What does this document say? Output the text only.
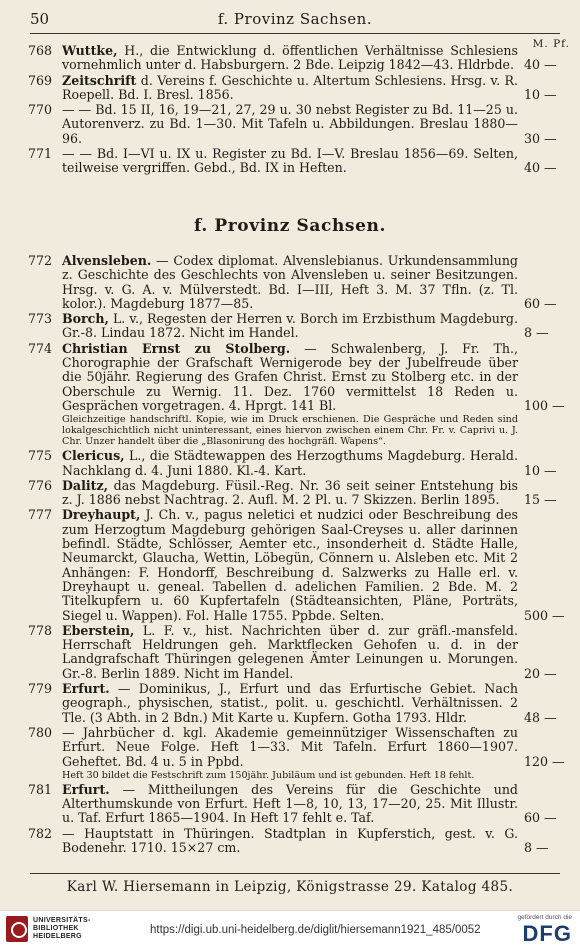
50	f. Provinz Sachsen.
M. Pf.
768 Wuttke, H., die Entwicklung d. öffentlichen Verhältnisse Schlesiens vornehmlich unter d. Habsburgern. 2 Bde. Leipzig 1842—43. Hldrbde. 40 —
769 Zeitschrift d. Vereins f. Geschichte u. Altertum Schlesiens. Hrsg. v. R. Roepell. Bd. I. Bresl. 1856.	10 —
770 — — Bd. 15 II, 16, 19—21, 27, 29 u. 30 nebst Register zu Bd. 11—25 u. Autorenverz. zu Bd. 1—30. Mit Tafeln u. Abbildungen. Breslau 1880—96.	30 —
771 — — Bd. I—VI u. IX u. Register zu Bd. I—V. Breslau 1856—69. Selten, teilweise vergriffen. Gebd., Bd. IX in Heften.	40 —
f. Provinz Sachsen.
772 Alvensleben. — Codex diplomat. Alvenslebianus. Urkundensammlung z. Geschichte des Geschlechts von Alvensleben u. seiner Besitzungen. Hrsg. v. G. A. v. Mülverstedt. Bd. I—III, Heft 3. M. 37 Tfln. (z. Tl. kolor.). Magdeburg 1877—85.	60 —
773 Borch, L. v., Regesten der Herren v. Borch im Erzbisthum Magdeburg. Gr.-8. Lindau 1872. Nicht im Handel.	8 —
774 Christian Ernst zu Stolberg. — Schwalenberg, J. Fr. Th., Chorographie der Grafschaft Wernigerode bey der Jubelfreude über die 50jähr. Regierung des Grafen Christ. Ernst zu Stolberg etc. in der Oberschule zu Wernig. 11. Dez. 1760 vermittelst 18 Reden u. Gesprächen vorgetragen. 4. Hprgt. 141 Bl.	100 —
Gleichzeitige handschriftl. Kopie, wie im Druck erschienen. Die Gespräche und Reden sind lokalgeschichtlich nicht uninteressant, eines hiervon zwischen einem Chr. Fr. v. Caprivi u. J. Chr. Unzer handelt über die „Blasonirung des hochgräfl. Wapens“.
775 Clericus, L., die Städtewappen des Herzogthums Magdeburg. Herald. Nachklang d. 4. Juni 1880. Kl.-4. Kart.	10 —
776 Dalitz, das Magdeburg. Füsil.-Reg. Nr. 36 seit seiner Entstehung bis z. J. 1886 nebst Nachtrag. 2. Aufl. M. 2 Pl. u. 7 Skizzen. Berlin 1895.	15 —
777 Dreyhaupt, J. Ch. v., pagus neletici et nudzici oder Beschreibung des zum Herzogtum Magdeburg gehörigen Saal-Creyses u. aller darinnen befindl. Städte, Schlösser, Aemter etc., insonderheit d. Städte Halle, Neumarckt, Glaucha, Wettin, Löbegün, Cönnern u. Alsleben etc. Mit 2 Anhängen: F. Hondorff, Beschreibung d. Salzwerks zu Halle erl. v. Dreyhaupt u. geneal. Tabellen d. adelichen Familien. 2 Bde. M. 2 Titelkupfern u. 60 Kupfertafeln (Städteansichten, Pläne, Porträts, Siegel u. Wappen). Fol. Halle 1755. Ppbde. Selten.	500 —
778 Eberstein, L. F. v., hist. Nachrichten über d. zur gräfl.-mansfeld. Herrschaft Heldrungen geh. Marktflecken Gehofen u. d. in der Landgrafschaft Thüringen gelegenen Ämter Leinungen u. Morungen. Gr.-8. Berlin 1889. Nicht im Handel.	20 —
779 Erfurt. — Dominikus, J., Erfurt und das Erfurtische Gebiet. Nach geograph., physischen, statist., polit. u. geschichtl. Verhältnissen. 2 Tle. (3 Abth. in 2 Bdn.) Mit Karte u. Kupfern. Gotha 1793. Hldr.	48 —
780 — Jahrbücher d. kgl. Akademie gemeinnütziger Wissenschaften zu Erfurt. Neue Folge. Heft 1—33. Mit Tafeln. Erfurt 1860—1907. Geheftet. Bd. 4 u. 5 in Ppbd.	120 —
Heft 30 bildet die Festschrift zum 150jähr. Jubiläum und ist gebunden. Heft 18 fehlt.
781 Erfurt. — Mittheilungen des Vereins für die Geschichte und Alterthumskunde von Erfurt. Heft 1—8, 10, 13, 17—20, 25. Mit Illustr. u. Taf. Erfurt 1865—1904. In Heft 17 fehlt e. Taf.	60 —
782 — Hauptstatt in Thüringen. Stadtplan in Kupferstich, gest. v. G. Bodenehr. 1710. 15×27 cm.	8 —
Karl W. Hiersemann in Leipzig, Königstrasse 29. Katalog 485.
UNIVERSITÄTS-
BIBLIOTHEK
HEIDELBERG
https://digi.ub.uni-heidelberg.de/diglit/hiersemann1921_485/0052
gefördert durch die
DFG
